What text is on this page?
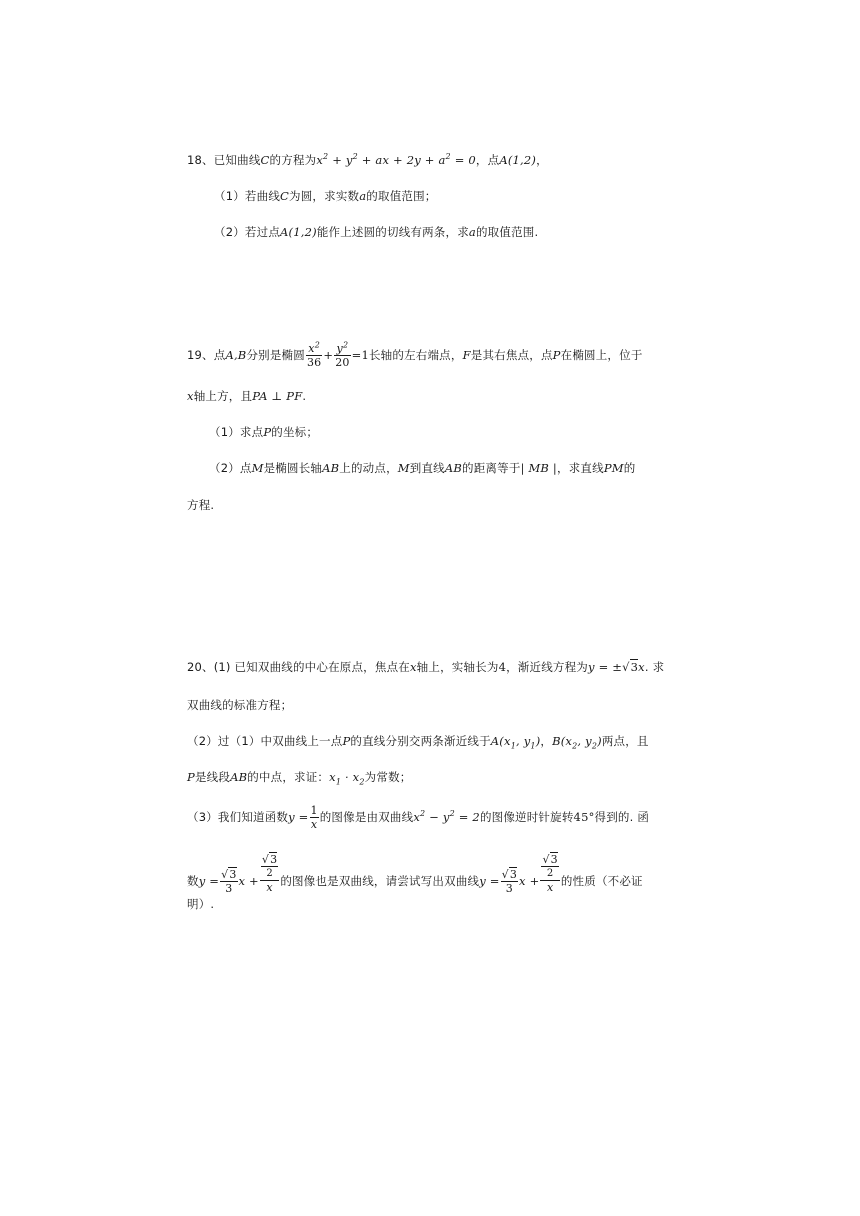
18、已知曲线C的方程为$x^2 + y^2$ + ax + $2y + a^2 = 0$，点A(1,2)，
（1）若曲线C为圆，求实数a的取值范围；
（2）若过点A(1,2)能作上述圆的切线有两条，求a的取值范围.
19、点A,B分别是椭圆 $\frac{x^2}{36} + \frac{y^2}{20} =1$长轴的左右端点，F是其右焦点，点P在椭圆上，位于
x轴上方，且PA ⊥ PF.
（1）求点P的坐标；
（2）点M是椭圆长轴AB上的动点，M到直线AB的距离等于| MB |，求直线PM的
方程.
20、(1) 已知双曲线的中心在原点，焦点在x轴上，实轴长为4，渐近线方程为y = ±√3x. 求
双曲线的标准方程；
（2）过（1）中双曲线上一点P的直线分别交两条渐近线于$A(x_1$, $y_1$)，$B(x_2$, $y_2$)两点，且
P是线段AB的中点，求证：$x_1 \cdot x_2$为常数；
（3）我们知道函数$y = \frac{1}{x}$ 的图像是由双曲线$x^2 - y^2 = 2$的图像逆时针旋转45°得到的. 函
数$y = \frac{√3}{3}$ $x + \frac{\frac{√3}{2}}{x}$ 的图像也是双曲线，请尝试写出双曲线$y = \frac{√3}{3}$ $x + \frac{\frac{√3}{2}}{x}$ 的性质（不必证
明）.
